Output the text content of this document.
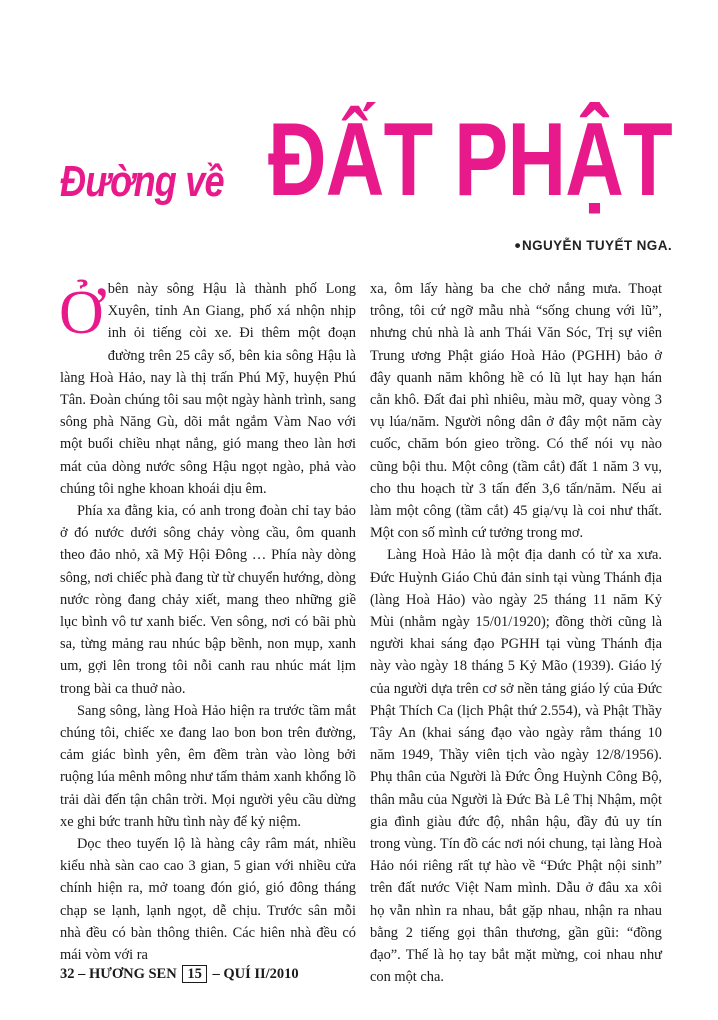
Đường về ĐẤT PHẬT
•NGUYỄN TUYẾT NGA.

Ởbên này sông Hậu là thành phố Long Xuyên, tỉnh An Giang, phố xá nhộn nhịp inh ỏi tiếng còi xe. Đi thêm một đoạn đường trên 25 cây số, bên kia sông Hậu là làng Hoà Hảo, nay là thị trấn Phú Mỹ, huyện Phú Tân. Đoàn chúng tôi sau một ngày hành trình, sang sông phà Năng Gù, dõi mắt ngắm Vàm Nao với một buổi chiều nhạt nắng, gió mang theo làn hơi mát của dòng nước sông Hậu ngọt ngào, phả vào chúng tôi nghe khoan khoái dịu êm.

Phía xa đằng kia, có anh trong đoàn chỉ tay bảo ở đó nước dưới sông chảy vòng cầu, ôm quanh theo đảo nhỏ, xã Mỹ Hội Đông … Phía này dòng sông, nơi chiếc phà đang từ từ chuyển hướng, dòng nước ròng đang chảy xiết, mang theo những giề lục bình vô tư xanh biếc. Ven sông, nơi có bãi phù sa, từng mảng rau nhúc bập bềnh, non mụp, xanh um, gợi lên trong tôi nỗi canh rau nhúc mát lịm trong bài ca thuở nào.

Sang sông, làng Hoà Hảo hiện ra trước tầm mắt chúng tôi, chiếc xe đang lao bon bon trên đường, cảm giác bình yên, êm đềm tràn vào lòng bởi ruộng lúa mênh mông như tấm thảm xanh khổng lồ trải dài đến tận chân trời. Mọi người yêu cầu dừng xe ghi bức tranh hữu tình này để kỷ niệm.

Dọc theo tuyến lộ là hàng cây râm mát, nhiều kiểu nhà sàn cao cao 3 gian, 5 gian với nhiều cửa chính hiện ra, mở toang đón gió, gió đông tháng chạp se lạnh, lạnh ngọt, dễ chịu. Trước sân mỗi nhà đều có bàn thông thiên. Các hiên nhà đều có mái vòm với ra

xa, ôm lấy hàng ba che chở nắng mưa. Thoạt trông, tôi cứ ngỡ mẫu nhà “sống chung với lũ”, nhưng chủ nhà là anh Thái Văn Sóc, Trị sự viên Trung ương Phật giáo Hoà Hảo (PGHH) bảo ở đây quanh năm không hề có lũ lụt hay hạn hán cằn khô. Đất đai phì nhiêu, màu mỡ, quay vòng 3 vụ lúa/năm. Người nông dân ở đây một năm cày cuốc, chăm bón gieo trồng. Có thể nói vụ nào cũng bội thu. Một công (tầm cắt) đất 1 năm 3 vụ, cho thu hoạch từ 3 tấn đến 3,6 tấn/năm. Nếu ai làm một công (tầm cắt) 45 giạ/vụ là coi như thất. Một con số mình cứ tưởng trong mơ.

Làng Hoà Hảo là một địa danh có từ xa xưa. Đức Huỳnh Giáo Chủ đản sinh tại vùng Thánh địa (làng Hoà Hảo) vào ngày 25 tháng 11 năm Kỷ Mùi (nhằm ngày 15/01/1920); đồng thời cũng là người khai sáng đạo PGHH tại vùng Thánh địa này vào ngày 18 tháng 5 Kỷ Mão (1939). Giáo lý của người dựa trên cơ sở nền tảng giáo lý của Đức Phật Thích Ca (lịch Phật thứ 2.554), và Phật Thầy Tây An (khai sáng đạo vào ngày rằm tháng 10 năm 1949, Thầy viên tịch vào ngày 12/8/1956). Phụ thân của Người là Đức Ông Huỳnh Công Bộ, thân mẫu của Người là Đức Bà Lê Thị Nhậm, một gia đình giàu đức độ, nhân hậu, đầy đủ uy tín trong vùng. Tín đồ các nơi nói chung, tại làng Hoà Hảo nói riêng rất tự hào về “Đức Phật nội sinh” trên đất nước Việt Nam mình. Dẫu ở đâu xa xôi họ vẫn nhìn ra nhau, bắt gặp nhau, nhận ra nhau bằng 2 tiếng gọi thân thương, gần gũi: “đồng đạo”. Thế là họ tay bắt mặt mừng, coi nhau như con một cha.

32 – HƯƠNG SEN 15 – QUÍ II/2010
